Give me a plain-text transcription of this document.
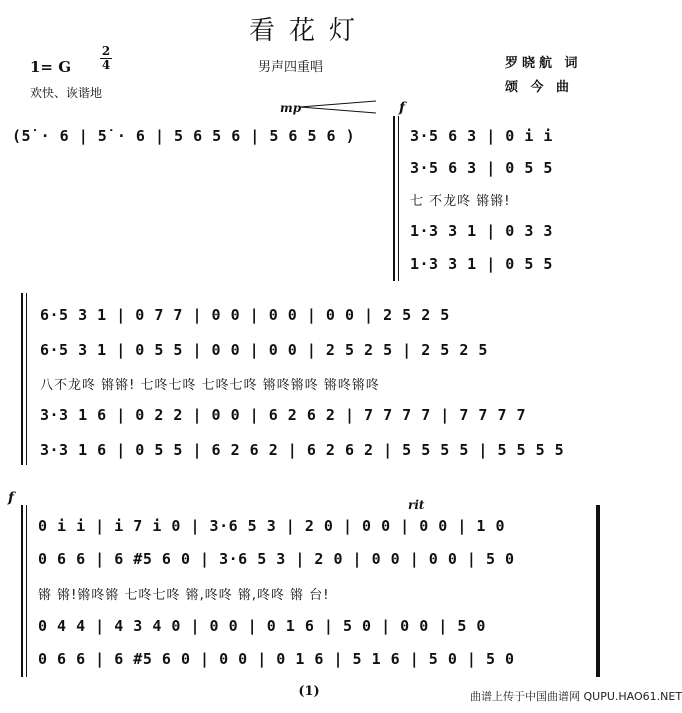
看花灯
1= G
2
4
欢快、诙谐地
男声四重唱	罗晓航 词
颂 今 曲
mp
(5̇ · 6 | 5̇ · 6 | 5 6 5 6 | 5 6 5 6 )
f
3·5 6 3 | 0 i i
3·5 6 3 | 0 5 5
七 不龙咚 锵锵!
1·3 3 1 | 0 3 3
1·3 3 1 | 0 5 5
6·5 3 1 | 0 7 7 | 0 0 | 0 0 | 0 0 | 2 5 2 5
6·5 3 1 | 0 5 5 | 0 0 | 0 0 | 2 5 2 5 | 2 5 2 5
八不龙咚 锵锵! 七咚七咚 七咚七咚 锵咚锵咚 锵咚锵咚
3·3 1 6 | 0 2 2 | 0 0 | 6 2 6 2 | 7 7 7 7 | 7 7 7 7
3·3 1 6 | 0 5 5 | 6 2 6 2 | 6 2 6 2 | 5 5 5 5 | 5 5 5 5
f	rit
0 i i | i 7 i 0 | 3·6 5 3 | 2 0 | 0 0 | 0 0 | 1 0
0 6 6 | 6 #5 6 0 | 3·6 5 3 | 2 0 | 0 0 | 0 0 | 5 0
锵 锵!锵咚锵 七咚七咚 锵,咚咚 锵,咚咚 锵 台!
0 4 4 | 4 3 4 0 | 0 0 | 0 1 6 | 5 0 | 0 0 | 5 0
0 6 6 | 6 #5 6 0 | 0 0 | 0 1 6 | 5 1 6 | 5 0 | 5 0
(1)	曲谱上传于中国曲谱网 QUPU.HAO61.NET
